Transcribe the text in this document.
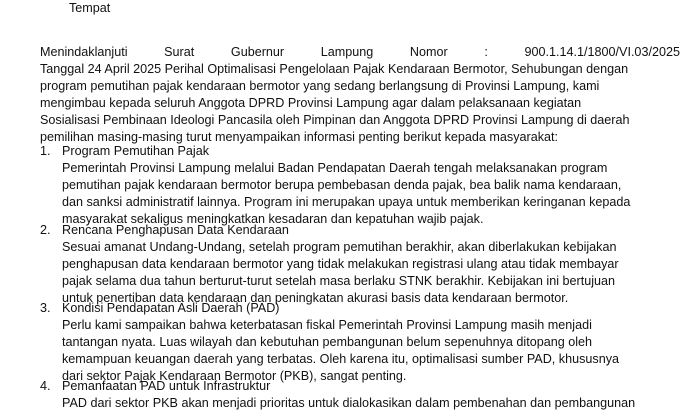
Tempat
Menindaklanjuti	Surat	Gubernur	Lampung	Nomor	:	900.1.14.1/1800/VI.03/2025
Tanggal 24 April 2025 Perihal Optimalisasi Pengelolaan Pajak Kendaraan Bermotor, Sehubungan dengan
program pemutihan pajak kendaraan bermotor yang sedang berlangsung di Provinsi Lampung, kami
mengimbau kepada seluruh Anggota DPRD Provinsi Lampung agar dalam pelaksanaan kegiatan
Sosialisasi Pembinaan Ideologi Pancasila oleh Pimpinan dan Anggota DPRD Provinsi Lampung di daerah
pemilihan masing-masing turut menyampaikan informasi penting berikut kepada masyarakat:
1. Program Pemutihan Pajak
Pemerintah Provinsi Lampung melalui Badan Pendapatan Daerah tengah melaksanakan program
pemutihan pajak kendaraan bermotor berupa pembebasan denda pajak, bea balik nama kendaraan,
dan sanksi administratif lainnya. Program ini merupakan upaya untuk memberikan keringanan kepada
masyarakat sekaligus meningkatkan kesadaran dan kepatuhan wajib pajak.
2. Rencana Penghapusan Data Kendaraan
Sesuai amanat Undang-Undang, setelah program pemutihan berakhir, akan diberlakukan kebijakan
penghapusan data kendaraan bermotor yang tidak melakukan registrasi ulang atau tidak membayar
pajak selama dua tahun berturut-turut setelah masa berlaku STNK berakhir. Kebijakan ini bertujuan
untuk penertiban data kendaraan dan peningkatan akurasi basis data kendaraan bermotor.
3. Kondisi Pendapatan Asli Daerah (PAD)
Perlu kami sampaikan bahwa keterbatasan fiskal Pemerintah Provinsi Lampung masih menjadi
tantangan nyata. Luas wilayah dan kebutuhan pembangunan belum sepenuhnya ditopang oleh
kemampuan keuangan daerah yang terbatas. Oleh karena itu, optimalisasi sumber PAD, khususnya
dari sektor Pajak Kendaraan Bermotor (PKB), sangat penting.
4. Pemanfaatan PAD untuk Infrastruktur
PAD dari sektor PKB akan menjadi prioritas untuk dialokasikan dalam pembenahan dan pembangunan
